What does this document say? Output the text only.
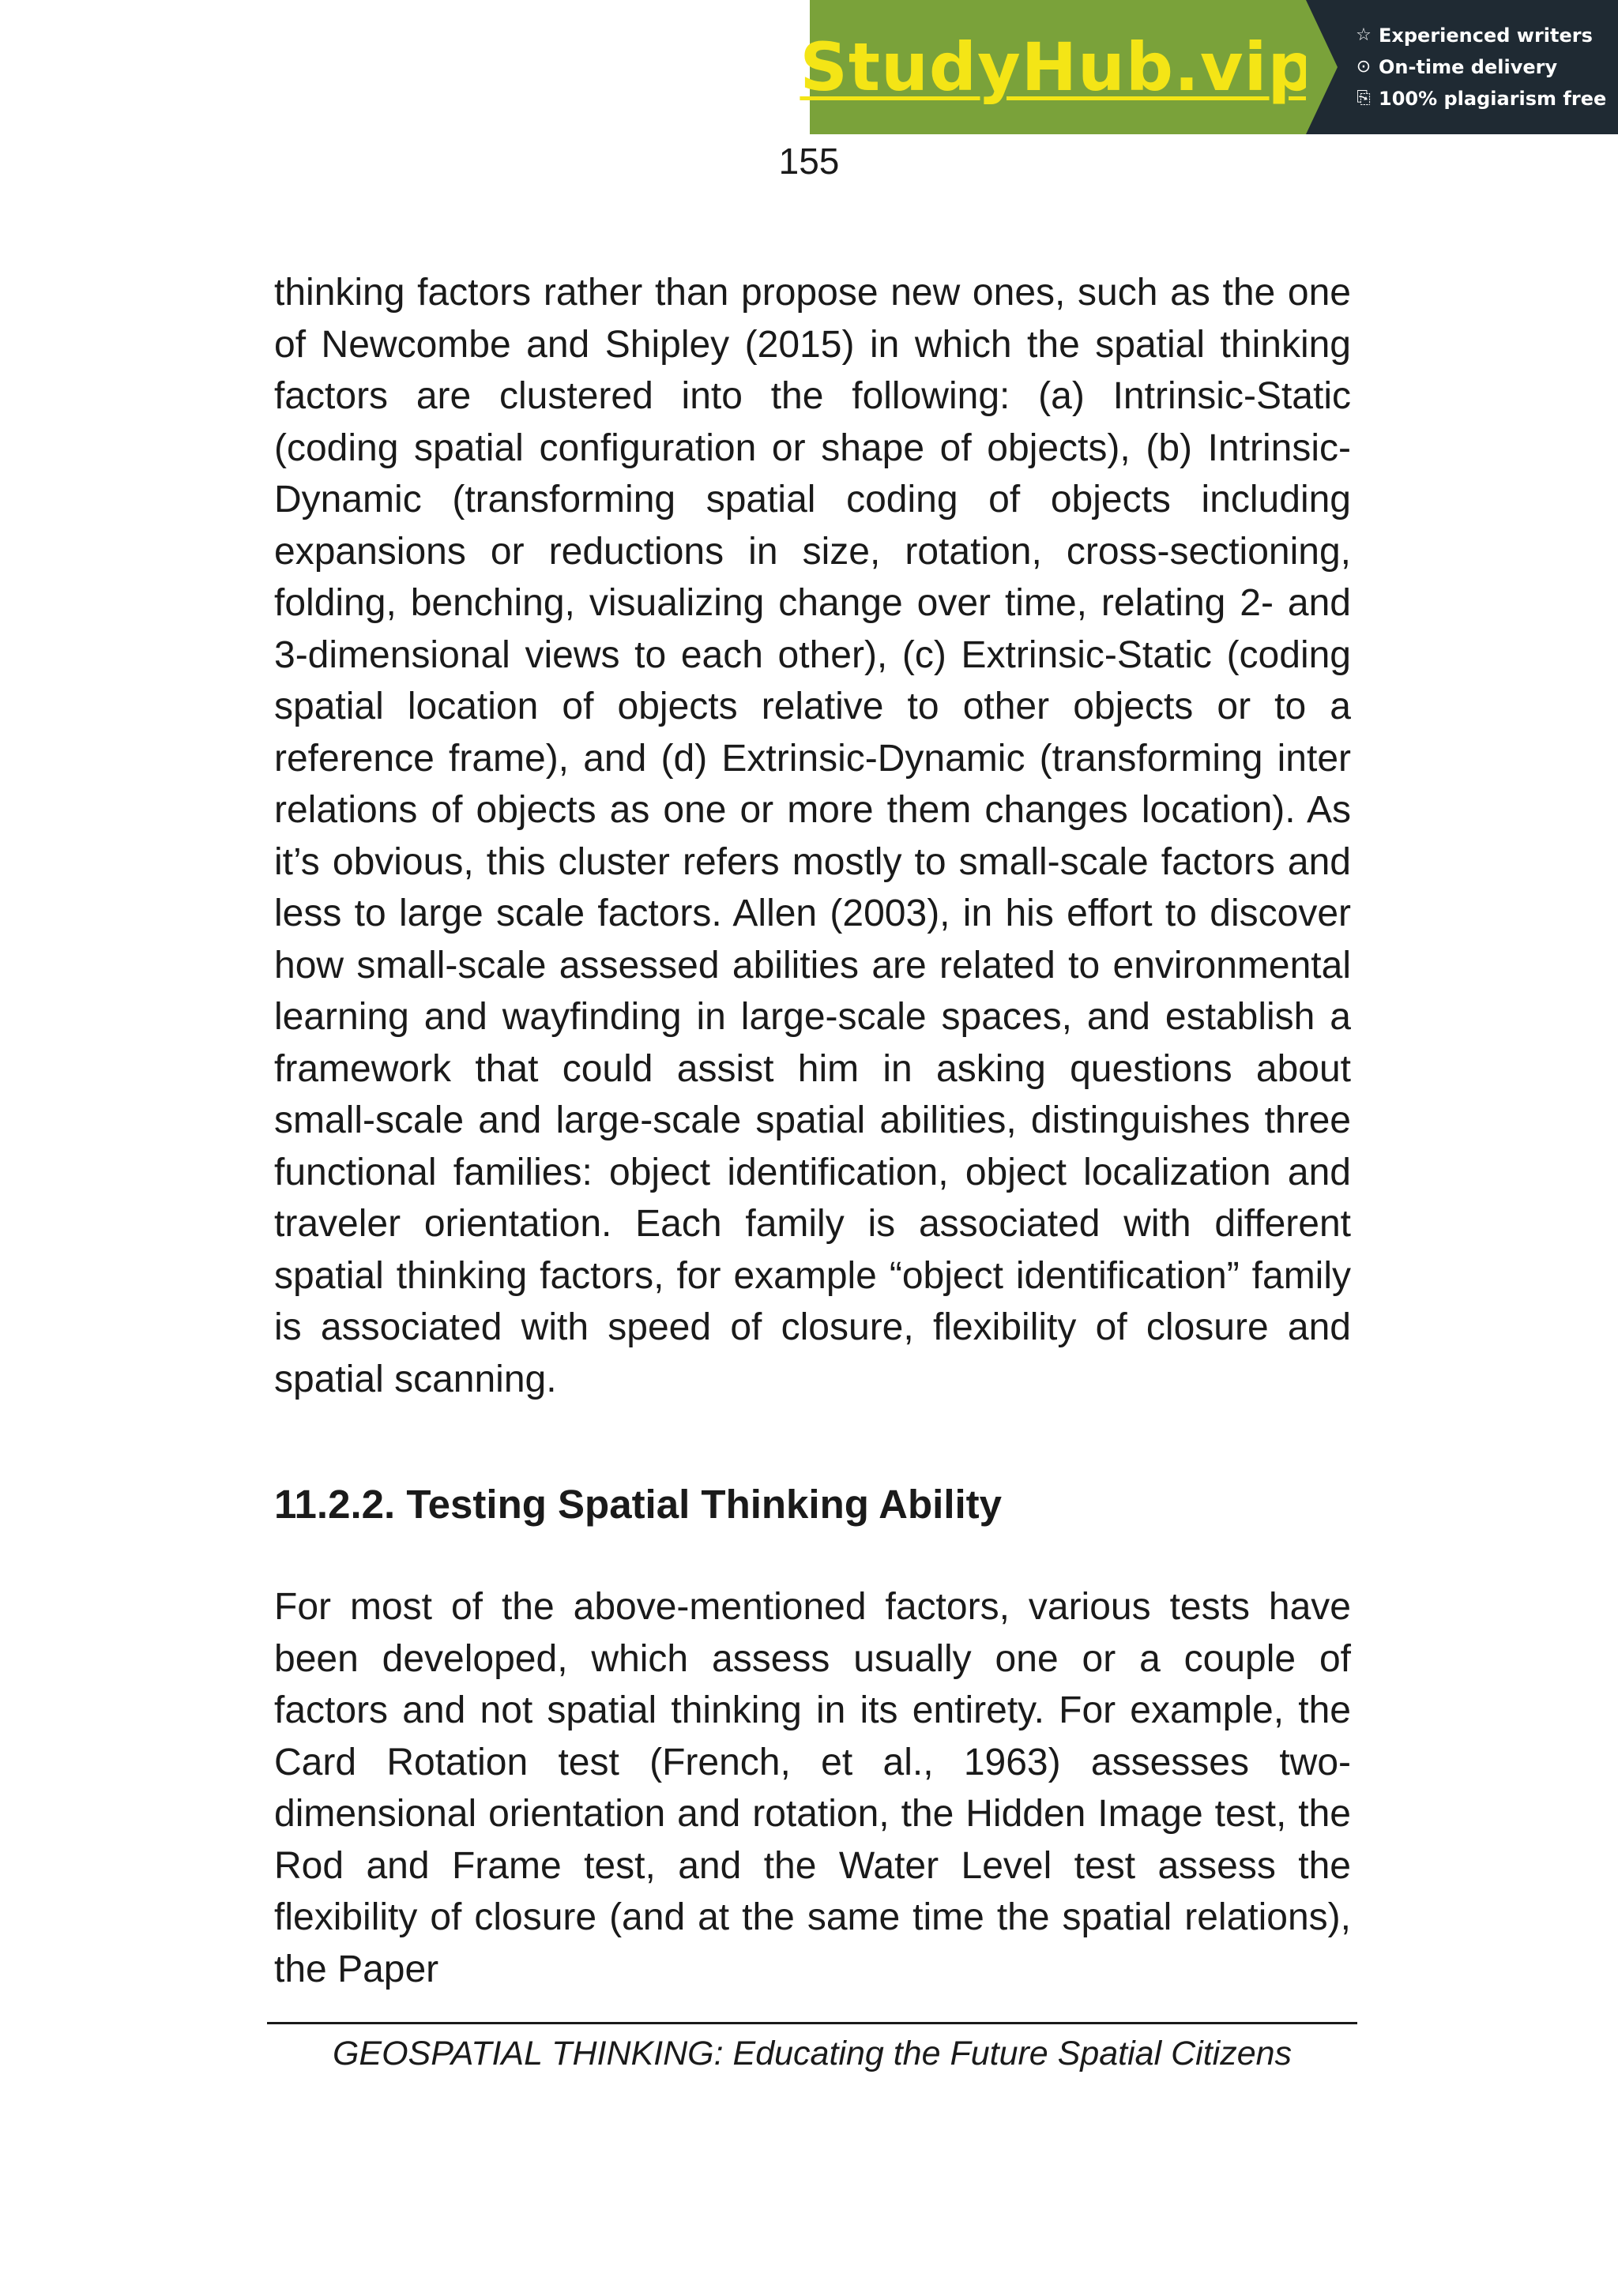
StudyHub.vip ☆ Experienced writers
⊙ On-time delivery
⎘ 100% plagiarism free
155

thinking factors rather than propose new ones, such as the one of Newcombe and Shipley (2015) in which the spatial thinking factors are clustered into the following: (a) Intrinsic-Static (coding spatial configuration or shape of objects), (b) Intrinsic-Dynamic (transforming spatial coding of objects including expansions or reductions in size, rotation, cross-sectioning, folding, benching, visualizing change over time, relating 2- and 3-dimensional views to each other), (c) Extrinsic-Static (coding spatial location of objects relative to other objects or to a reference frame), and (d) Extrinsic-Dynamic (transforming inter relations of objects as one or more them changes location). As it’s obvious, this cluster refers mostly to small-scale factors and less to large scale factors. Allen (2003), in his effort to discover how small-scale assessed abilities are related to environmental learning and wayfinding in large-scale spaces, and establish a framework that could assist him in asking questions about small-scale and large-scale spatial abilities, distinguishes three functional families: object identification, object localization and traveler orientation. Each family is associated with different spatial thinking factors, for example “object identification” family is associated with speed of closure, flexibility of closure and spatial scanning.

11.2.2. Testing Spatial Thinking Ability

For most of the above-mentioned factors, various tests have been developed, which assess usually one or a couple of factors and not spatial thinking in its entirety. For example, the Card Rotation test (French, et al., 1963) assesses two-dimensional orientation and rotation, the Hidden Image test, the Rod and Frame test, and the Water Level test assess the flexibility of closure (and at the same time the spatial relations), the Paper

GEOSPATIAL THINKING: Educating the Future Spatial Citizens
